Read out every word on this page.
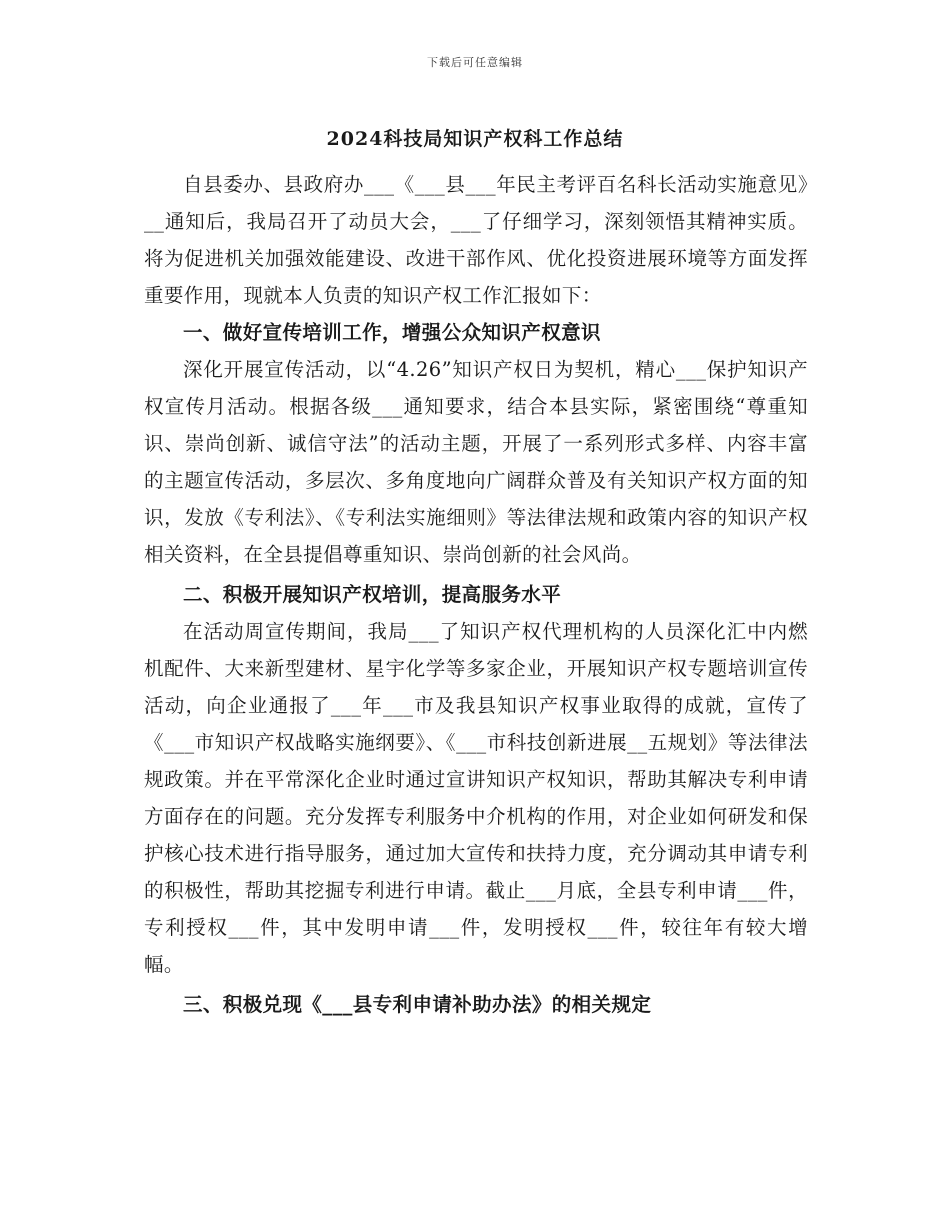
下载后可任意编辑
2024科技局知识产权科工作总结

自县委办、县政府办___《___县___年民主考评百名科长活动实施意见》__通知后，我局召开了动员大会，___了仔细学习，深刻领悟其精神实质。将为促进机关加强效能建设、改进干部作风、优化投资进展环境等方面发挥重要作用，现就本人负责的知识产权工作汇报如下：

一、做好宣传培训工作，增强公众知识产权意识

深化开展宣传活动，以“4.26”知识产权日为契机，精心___保护知识产权宣传月活动。根据各级___通知要求，结合本县实际，紧密围绕“尊重知识、崇尚创新、诚信守法”的活动主题，开展了一系列形式多样、内容丰富的主题宣传活动，多层次、多角度地向广阔群众普及有关知识产权方面的知识，发放《专利法》、《专利法实施细则》等法律法规和政策内容的知识产权相关资料，在全县提倡尊重知识、崇尚创新的社会风尚。

二、积极开展知识产权培训，提高服务水平

在活动周宣传期间，我局___了知识产权代理机构的人员深化汇中内燃机配件、大来新型建材、星宇化学等多家企业，开展知识产权专题培训宣传活动，向企业通报了___年___市及我县知识产权事业取得的成就，宣传了《___市知识产权战略实施纲要》、《___市科技创新进展__五规划》等法律法规政策。并在平常深化企业时通过宣讲知识产权知识，帮助其解决专利申请方面存在的问题。充分发挥专利服务中介机构的作用，对企业如何研发和保护核心技术进行指导服务，通过加大宣传和扶持力度，充分调动其申请专利的积极性，帮助其挖掘专利进行申请。截止___月底，全县专利申请___件，专利授权___件，其中发明申请___件，发明授权___件，较往年有较大增幅。

三、积极兑现《___县专利申请补助办法》的相关规定
